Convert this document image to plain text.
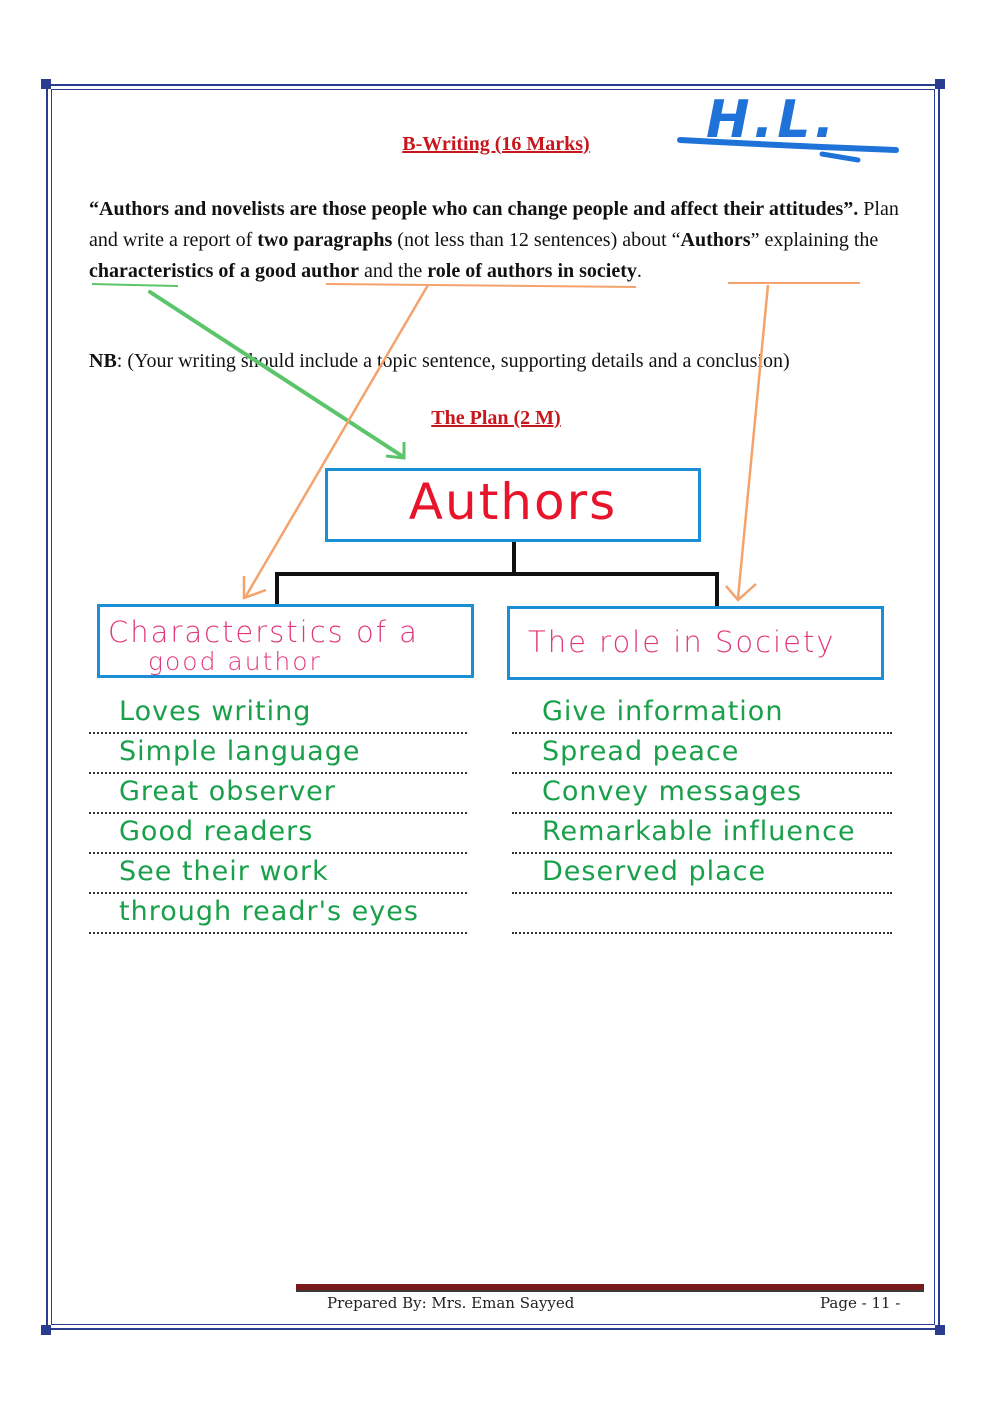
B-Writing (16 Marks)	H.L.
“Authors and novelists are those people who can change people and affect their attitudes”. Plan and write a report of two paragraphs (not less than 12 sentences) about “Authors” explaining the characteristics of a good author and the role of authors in society.
NB: (Your writing should include a topic sentence, supporting details and a conclusion)
The Plan (2 M)
Authors
Characterstics of a
good author
The role in Society
Loves writing
Simple language
Great observer
Good readers
See their work
through readr's eyes
Give information
Spread peace
Convey messages
Remarkable influence
Deserved place
Prepared By: Mrs. Eman Sayyed	Page - 11 -
